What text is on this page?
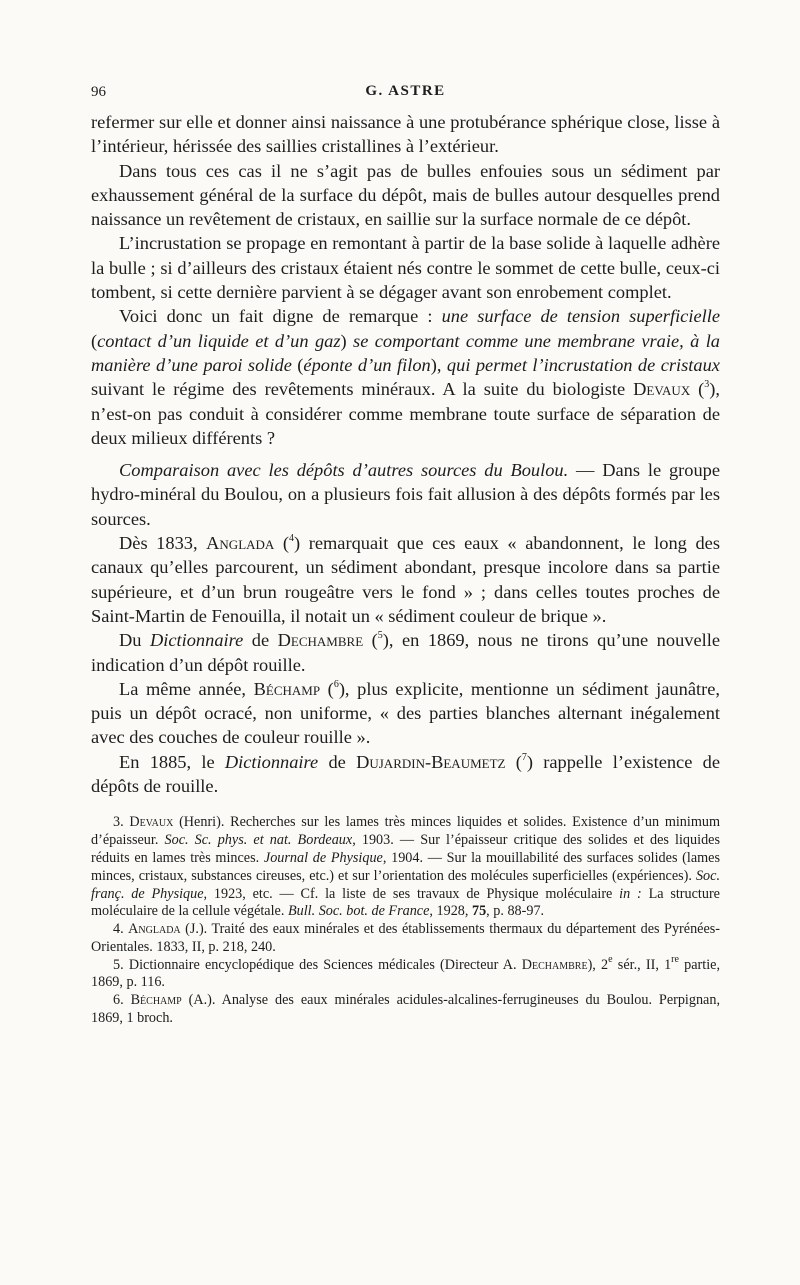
96	G. ASTRE

refermer sur elle et donner ainsi naissance à une protubérance sphérique close, lisse à l’intérieur, hérissée des saillies cristallines à l’extérieur.

Dans tous ces cas il ne s’agit pas de bulles enfouies sous un sédiment par exhaussement général de la surface du dépôt, mais de bulles autour desquelles prend naissance un revêtement de cristaux, en saillie sur la surface normale de ce dépôt.

L’incrustation se propage en remontant à partir de la base solide à laquelle adhère la bulle ; si d’ailleurs des cristaux étaient nés contre le sommet de cette bulle, ceux-ci tombent, si cette dernière parvient à se dégager avant son enrobement complet.

Voici donc un fait digne de remarque : une surface de tension superficielle (contact d’un liquide et d’un gaz) se comportant comme une membrane vraie, à la manière d’une paroi solide (éponte d’un filon), qui permet l’incrustation de cristaux suivant le régime des revêtements minéraux. A la suite du biologiste Devaux ($^3$), n’est-on pas conduit à considérer comme membrane toute surface de séparation de deux milieux différents ?

Comparaison avec les dépôts d’autres sources du Boulou. — Dans le groupe hydro-minéral du Boulou, on a plusieurs fois fait allusion à des dépôts formés par les sources.

Dès 1833, Anglada ($^4$) remarquait que ces eaux « abandonnent, le long des canaux qu’elles parcourent, un sédiment abondant, presque incolore dans sa partie supérieure, et d’un brun rougeâtre vers le fond » ; dans celles toutes proches de Saint-Martin de Fenouilla, il notait un « sédiment couleur de brique ».

Du Dictionnaire de Dechambre ($^5$), en 1869, nous ne tirons qu’une nouvelle indication d’un dépôt rouille.

La même année, Béchamp ($^6$), plus explicite, mentionne un sédiment jaunâtre, puis un dépôt ocracé, non uniforme, « des parties blanches alternant inégalement avec des couches de couleur rouille ».

En 1885, le Dictionnaire de Dujardin-Beaumetz ($^7$) rappelle l’existence de dépôts de rouille.

3. Devaux (Henri). Recherches sur les lames très minces liquides et solides. Existence d’un minimum d’épaisseur. Soc. Sc. phys. et nat. Bordeaux, 1903. — Sur l’épaisseur critique des solides et des liquides réduits en lames très minces. Journal de Physique, 1904. — Sur la mouillabilité des surfaces solides (lames minces, cristaux, substances cireuses, etc.) et sur l’orientation des molécules superficielles (expériences). Soc. franç. de Physique, 1923, etc. — Cf. la liste de ses travaux de Physique moléculaire in : La structure moléculaire de la cellule végétale. Bull. Soc. bot. de France, 1928, 75, p. 88-97.

4. Anglada (J.). Traité des eaux minérales et des établissements thermaux du département des Pyrénées-Orientales. 1833, II, p. 218, 240.

5. Dictionnaire encyclopédique des Sciences médicales (Directeur A. Dechambre), 2e sér., II, 1re partie, 1869, p. 116.

6. Béchamp (A.). Analyse des eaux minérales acidules-alcalines-ferrugineuses du Boulou. Perpignan, 1869, 1 broch.
